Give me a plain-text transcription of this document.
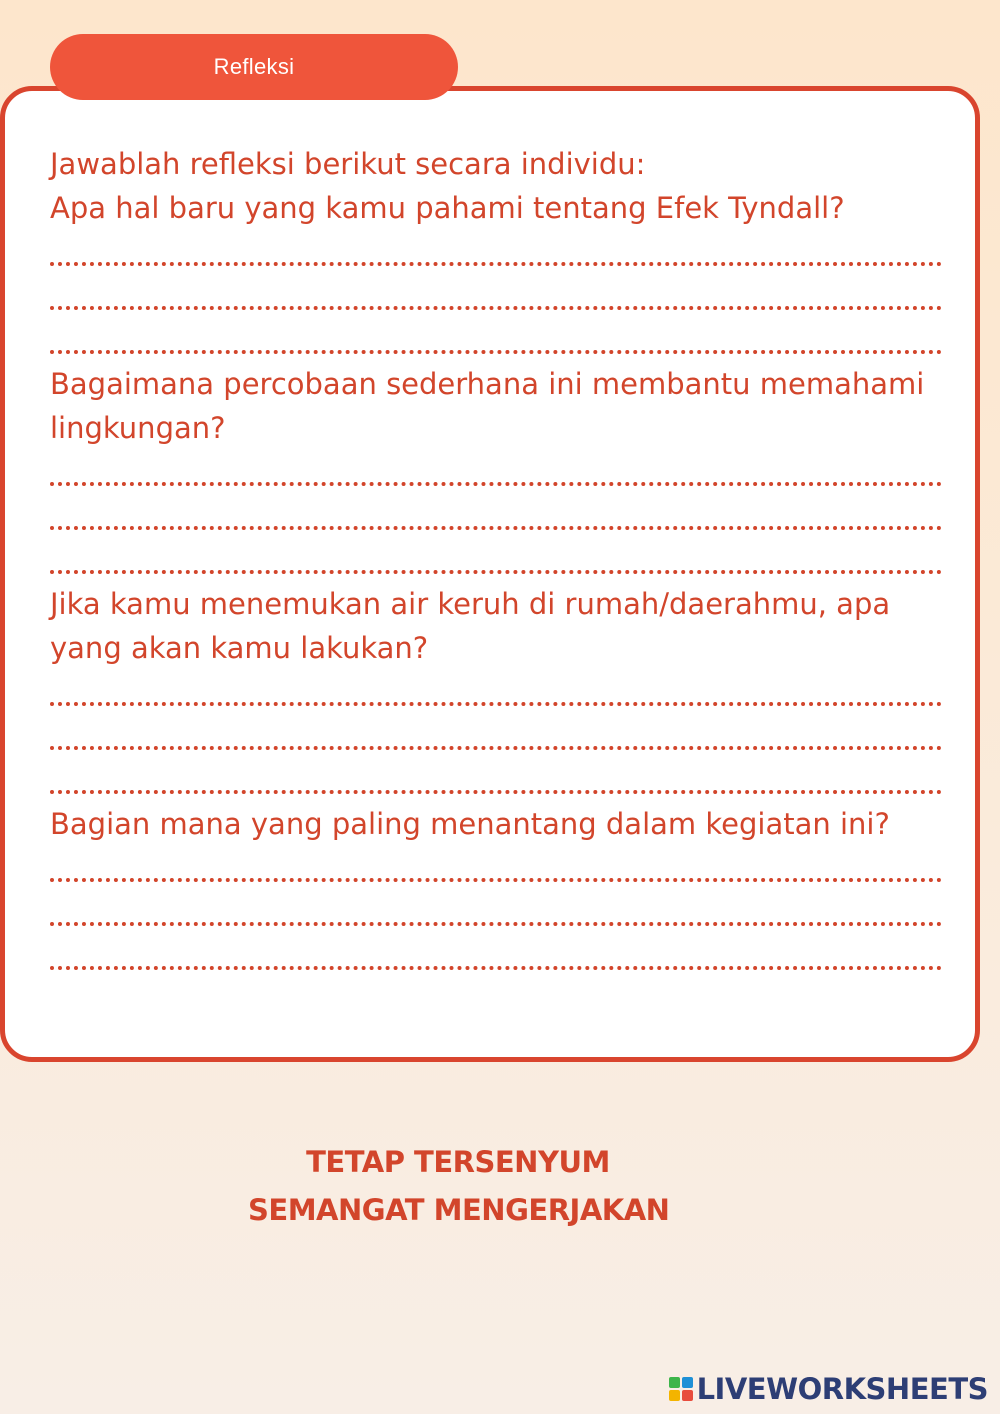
Refleksi

Jawablah refleksi berikut secara individu:

Apa hal baru yang kamu pahami tentang Efek Tyndall?

Bagaimana percobaan sederhana ini membantu memahami

lingkungan?

Jika kamu menemukan air keruh di rumah/daerahmu, apa

yang akan kamu lakukan?

Bagian mana yang paling menantang dalam kegiatan ini?

TETAP TERSENYUM
SEMANGAT MENGERJAKAN
LIVEWORKSHEETS
